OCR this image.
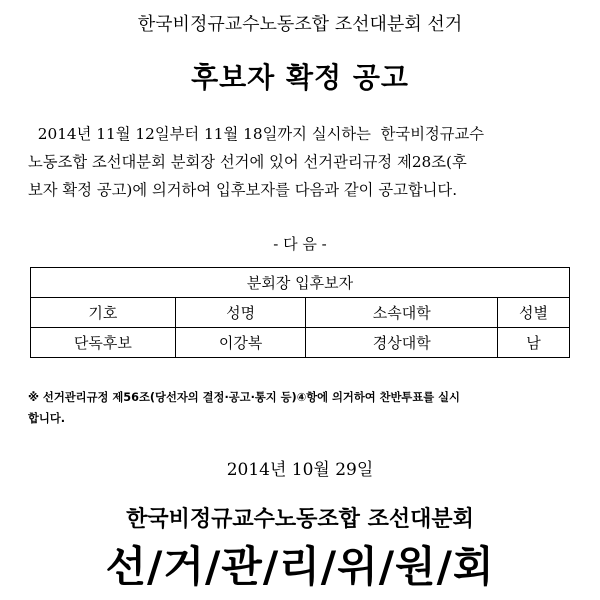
한국비정규교수노동조합 조선대분회 선거
후보자 확정 공고
2014년 11월 12일부터 11월 18일까지 실시하는  한국비정규교수
노동조합 조선대분회 분회장 선거에 있어 선거관리규정 제28조(후
보자 확정 공고)에 의거하여 입후보자를 다음과 같이 공고합니다.
- 다 음 -
분회장 입후보자			
기호	성명	소속대학	성별
단독후보	이강복	경상대학	남
※ 선거관리규정 제56조(당선자의 결정·공고·통지 등)④항에 의거하여 찬반투표를 실시
합니다.
2014년 10월 29일
한국비정규교수노동조합 조선대분회
선/거/관/리/위/원/회
